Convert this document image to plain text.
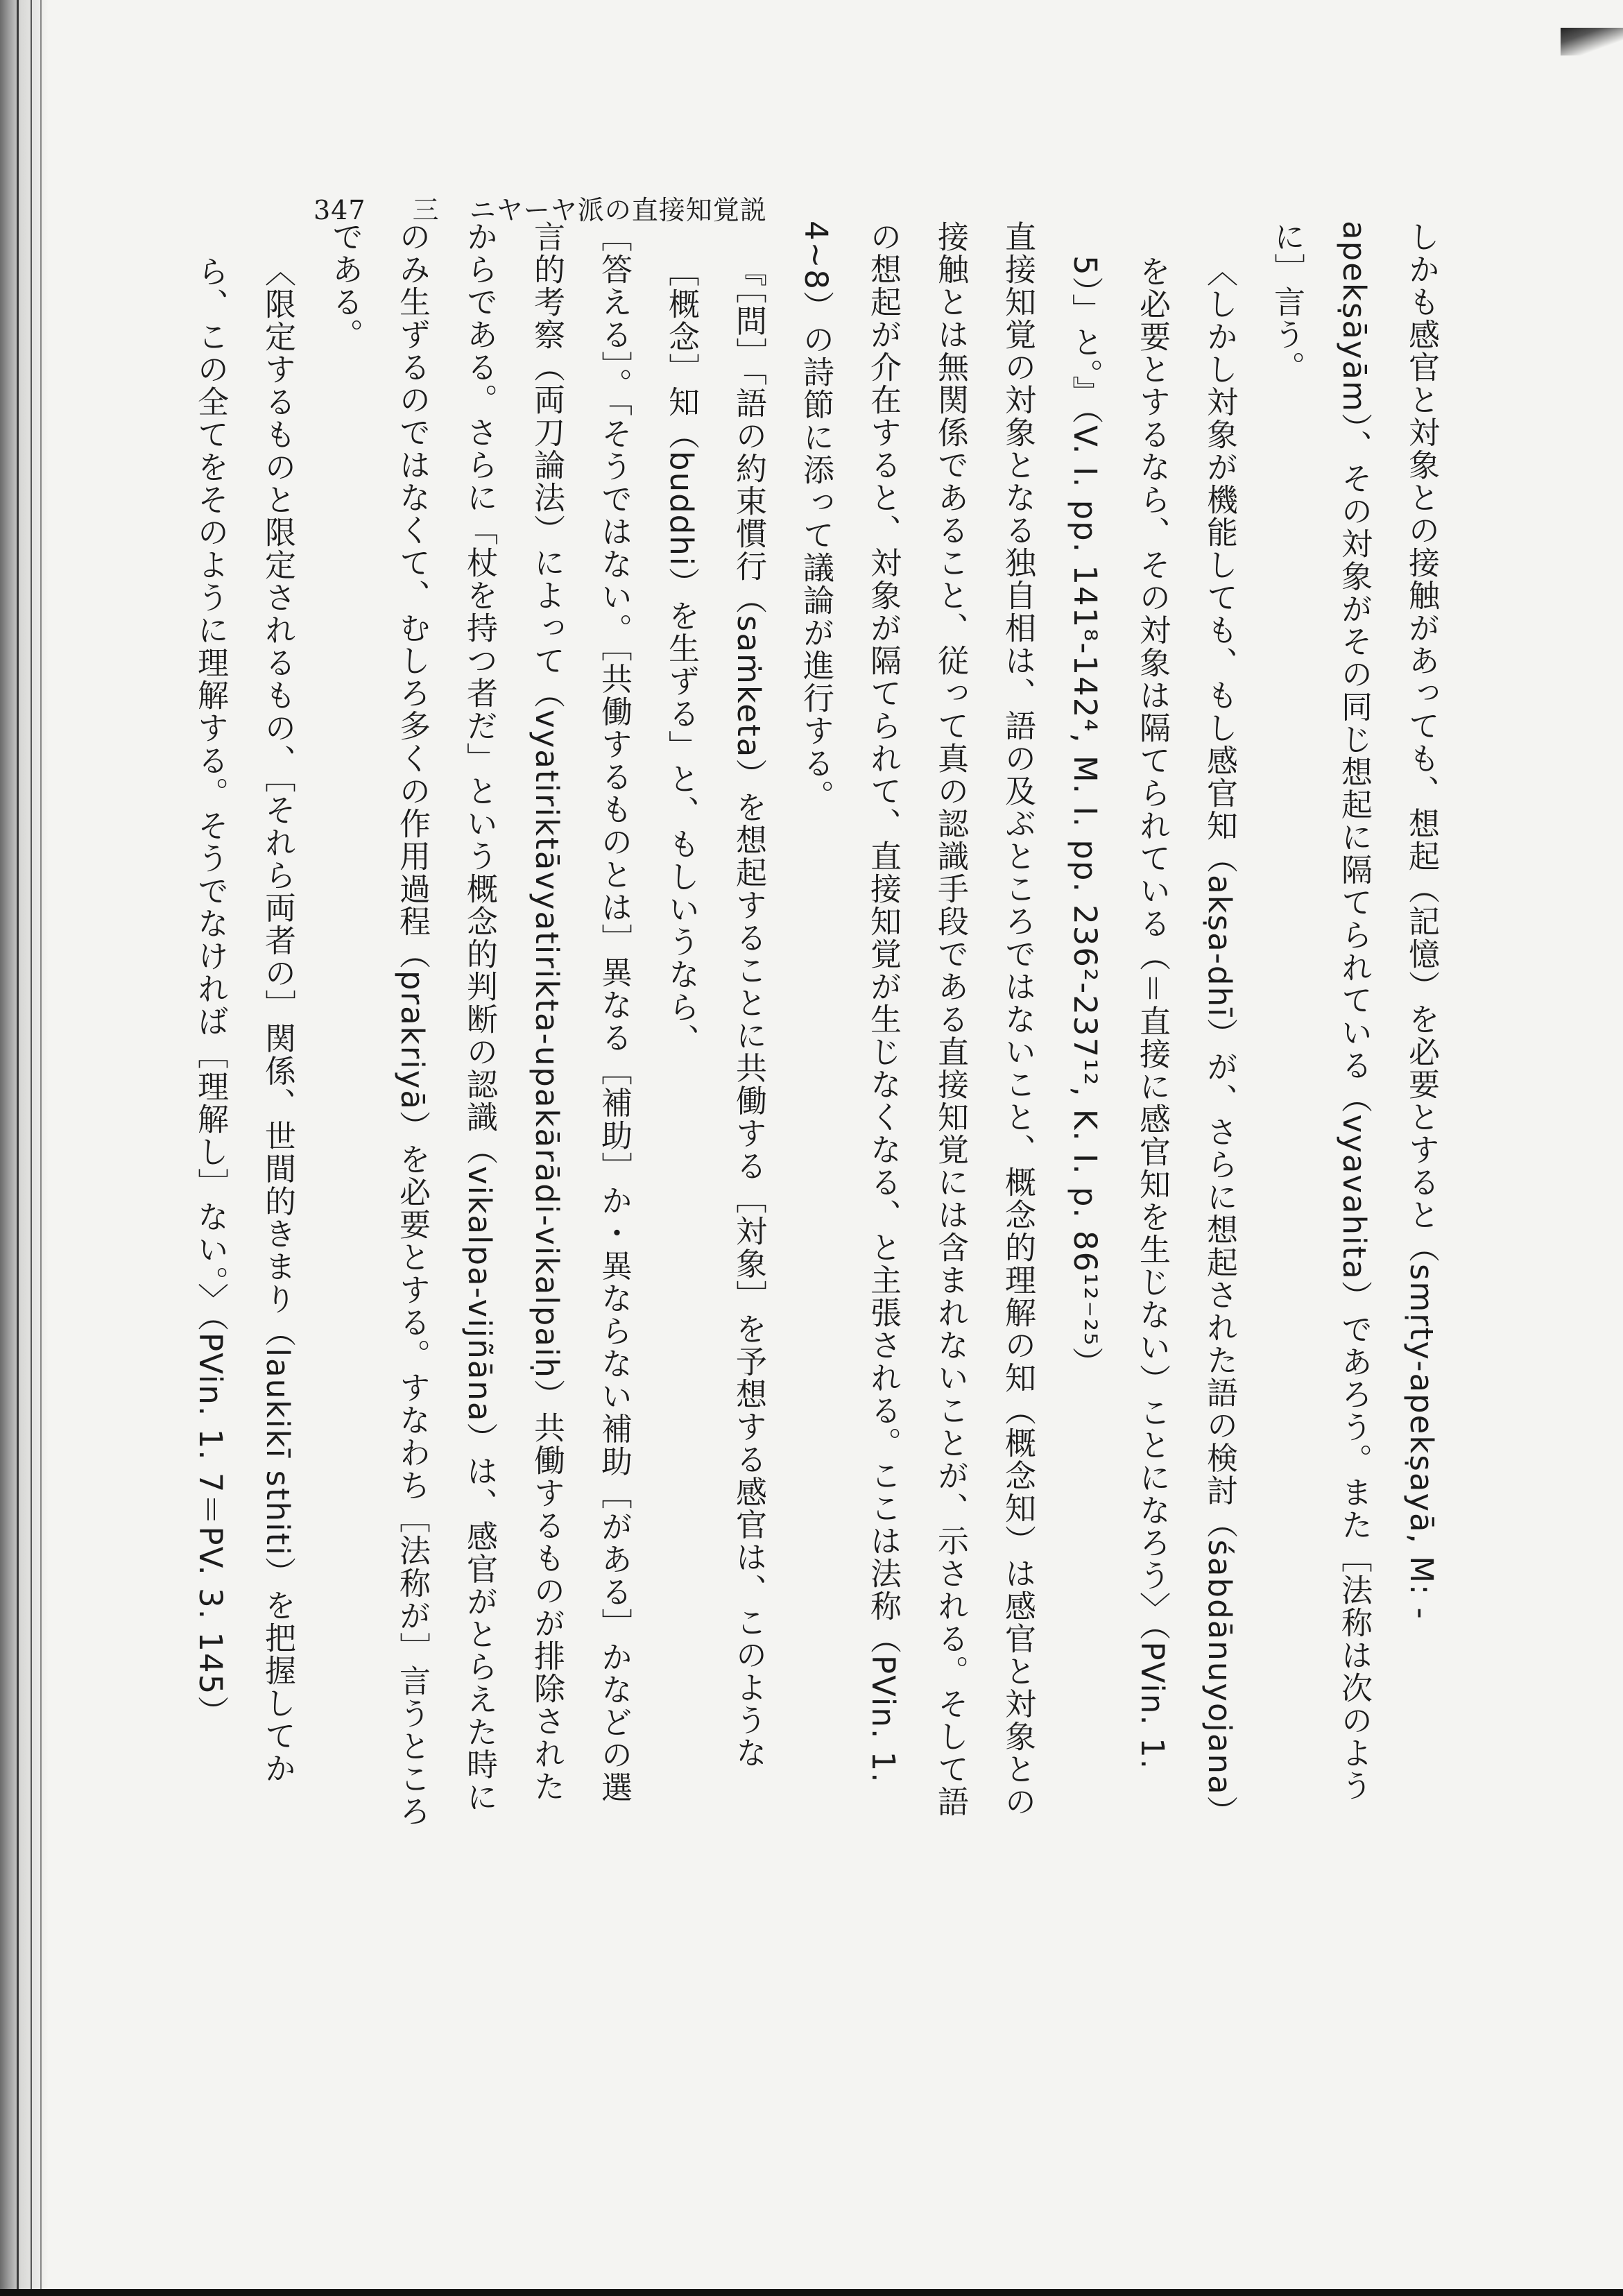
347 三 ニヤーヤ派の直接知覚説

しかも感官と対象との接触があっても、想起（記憶）を必要とすると（smṛty-apekṣayā, M: -apekṣāyām）、その対象がその同じ想起に隔てられている（vyavahita）であろう。また［法称は次のように］言う。

〈しかし対象が機能しても、もし感官知（akṣa-dhī）が、さらに想起された語の検討（śabdānuyojana）を必要とするなら、その対象は隔てられている（＝直接に感官知を生じない）ことになろう〉（PVin. 1. 5）」と。』（V. I. pp. 141⁸-142⁴, M. I. pp. 236²-237¹², K. I. p. 86¹²⁻²⁵）

直接知覚の対象となる独自相は、語の及ぶところではないこと、概念的理解の知（概念知）は感官と対象との接触とは無関係であること、従って真の認識手段である直接知覚には含まれないことが、示される。そして語の想起が介在すると、対象が隔てられて、直接知覚が生じなくなる、と主張される。ここは法称（PVin. 1. 4~8）の詩節に添って議論が進行する。

『［問］「語の約束慣行（saṁketa）を想起することに共働する［対象］を予想する感官は、このような［概念］知（buddhi）を生ずる」と、もしいうなら、

［答える］。「そうではない。［共働するものとは］異なる［補助］か・異ならない補助［がある］かなどの選言的考察（両刀論法）によって（vyatiriktāvyatirikta-upakārādi-vikalpaiḥ）共働するものが排除されたからである。さらに「杖を持つ者だ」という概念的判断の認識（vikalpa-vijñāna）は、感官がとらえた時にのみ生ずるのではなくて、むしろ多くの作用過程（prakriyā）を必要とする。すなわち［法称が］言うところである。

〈限定するものと限定されるもの、［それら両者の］関係、世間的きまり（laukikī sthiti）を把握してから、この全てをそのように理解する。そうでなければ［理解し］ない。〉（PVin. 1. 7＝PV. 3. 145）
